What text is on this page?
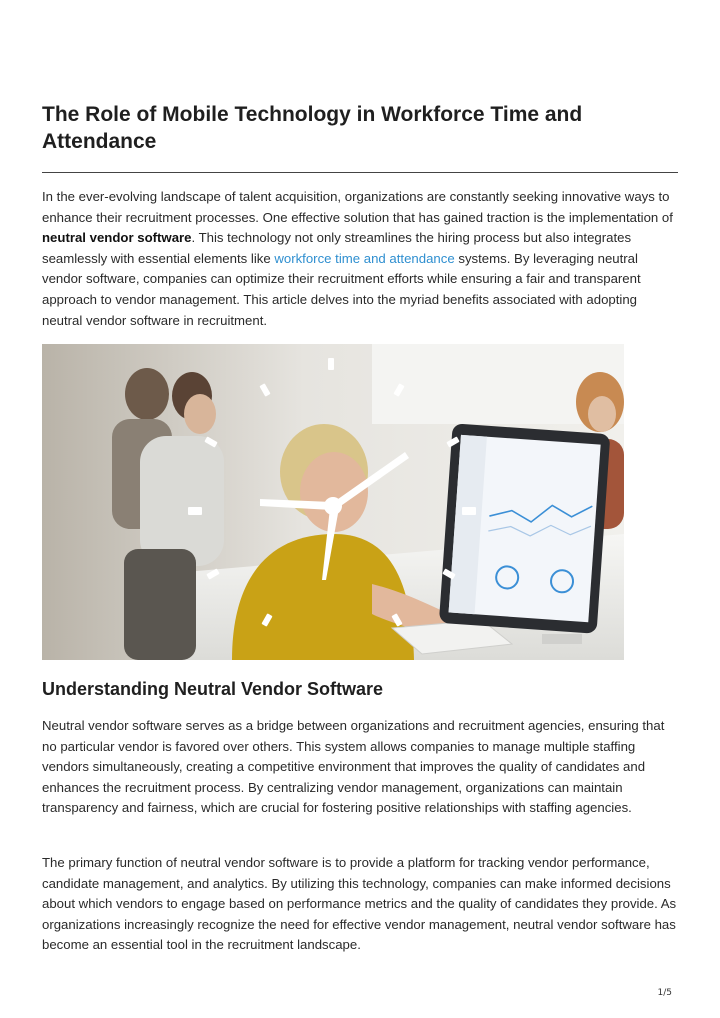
The Role of Mobile Technology in Workforce Time and Attendance

In the ever-evolving landscape of talent acquisition, organizations are constantly seeking innovative ways to enhance their recruitment processes. One effective solution that has gained traction is the implementation of neutral vendor software. This technology not only streamlines the hiring process but also integrates seamlessly with essential elements like workforce time and attendance systems. By leveraging neutral vendor software, companies can optimize their recruitment efforts while ensuring a fair and transparent approach to vendor management. This article delves into the myriad benefits associated with adopting neutral vendor software in recruitment.

Understanding Neutral Vendor Software

Neutral vendor software serves as a bridge between organizations and recruitment agencies, ensuring that no particular vendor is favored over others. This system allows companies to manage multiple staffing vendors simultaneously, creating a competitive environment that improves the quality of candidates and enhances the recruitment process. By centralizing vendor management, organizations can maintain transparency and fairness, which are crucial for fostering positive relationships with staffing agencies.

The primary function of neutral vendor software is to provide a platform for tracking vendor performance, candidate management, and analytics. By utilizing this technology, companies can make informed decisions about which vendors to engage based on performance metrics and the quality of candidates they provide. As organizations increasingly recognize the need for effective vendor management, neutral vendor software has become an essential tool in the recruitment landscape.

1/5
